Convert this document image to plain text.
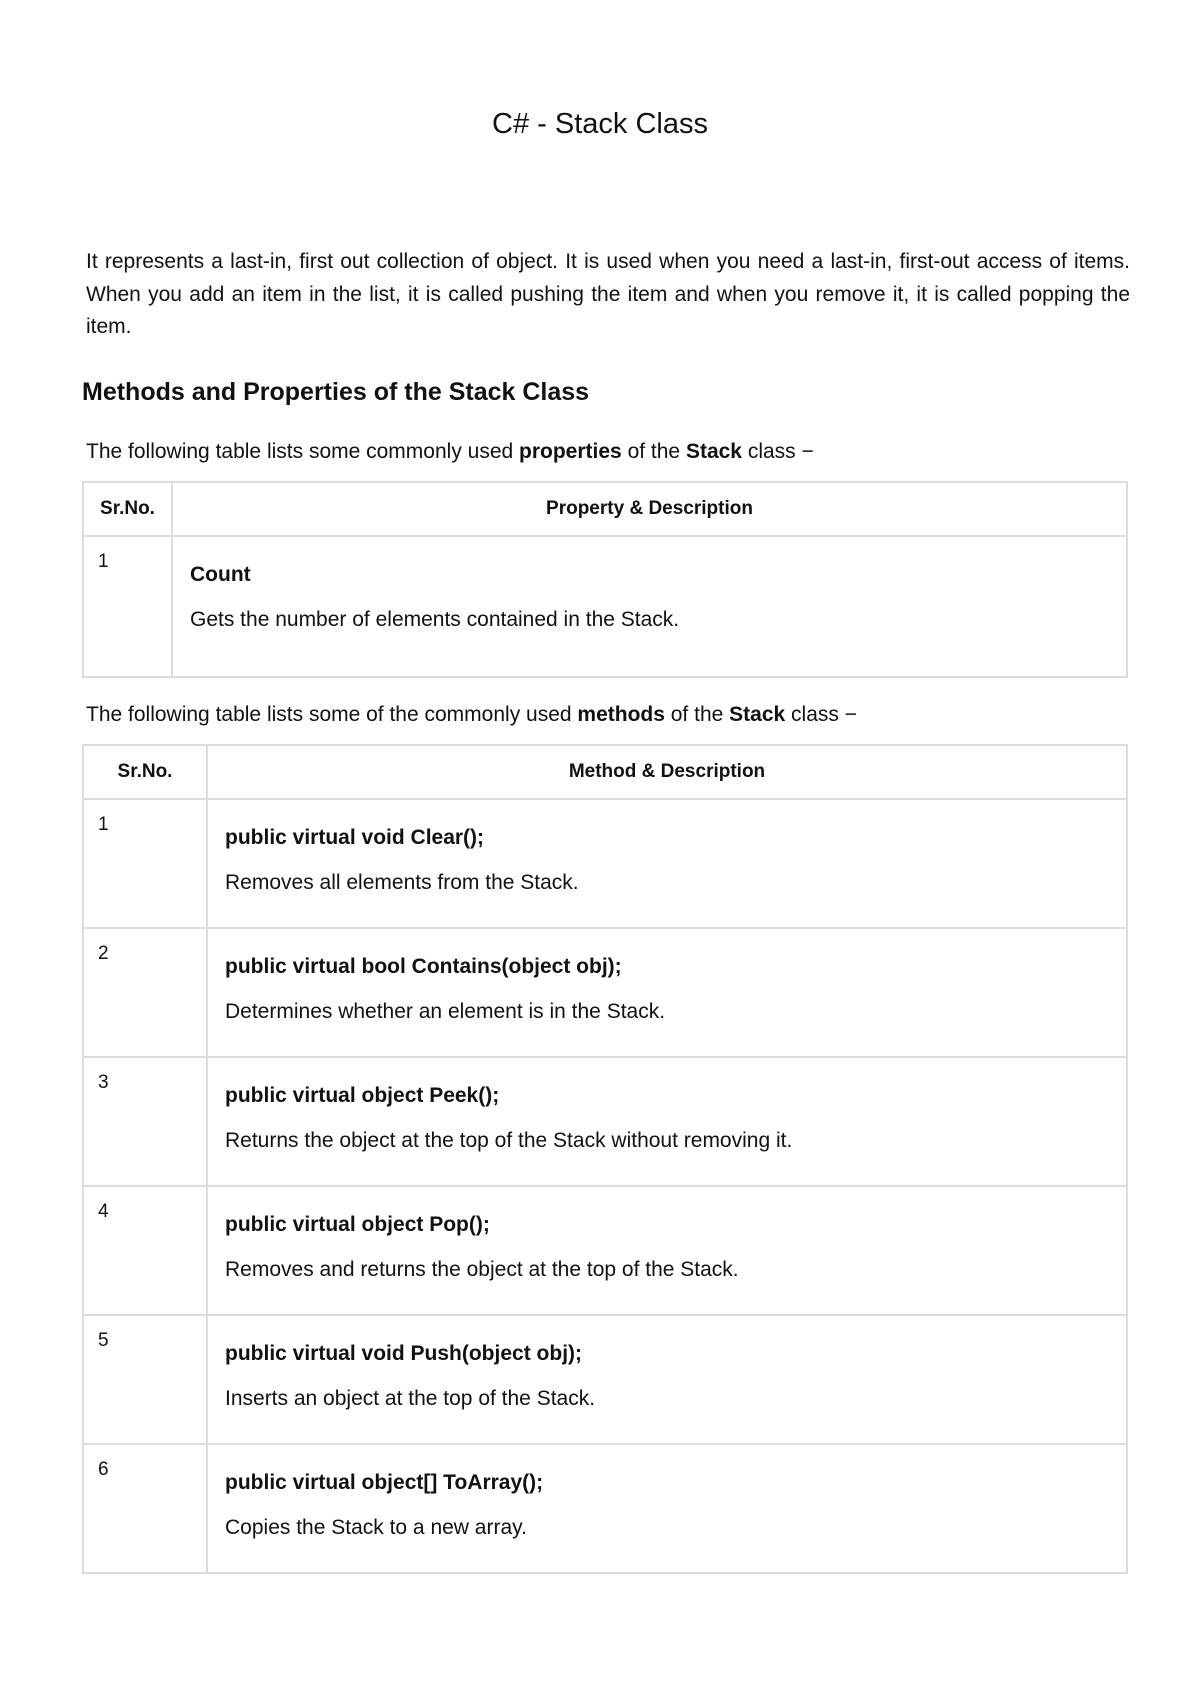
C# - Stack Class

It represents a last-in, first out collection of object. It is used when you need a last-in, first-out access of items. When you add an item in the list, it is called pushing the item and when you remove it, it is called popping the item.

Methods and Properties of the Stack Class

The following table lists some commonly used properties of the Stack class −

Sr.No.	Property & Description
1	Count

Gets the number of elements contained in the Stack.

The following table lists some of the commonly used methods of the Stack class −

Sr.No.	Method & Description
1	public virtual void Clear();

Removes all elements from the Stack.

2	public virtual bool Contains(object obj);

Determines whether an element is in the Stack.

3	public virtual object Peek();

Returns the object at the top of the Stack without removing it.

4	public virtual object Pop();

Removes and returns the object at the top of the Stack.

5	public virtual void Push(object obj);

Inserts an object at the top of the Stack.

6	public virtual object[] ToArray();

Copies the Stack to a new array.
